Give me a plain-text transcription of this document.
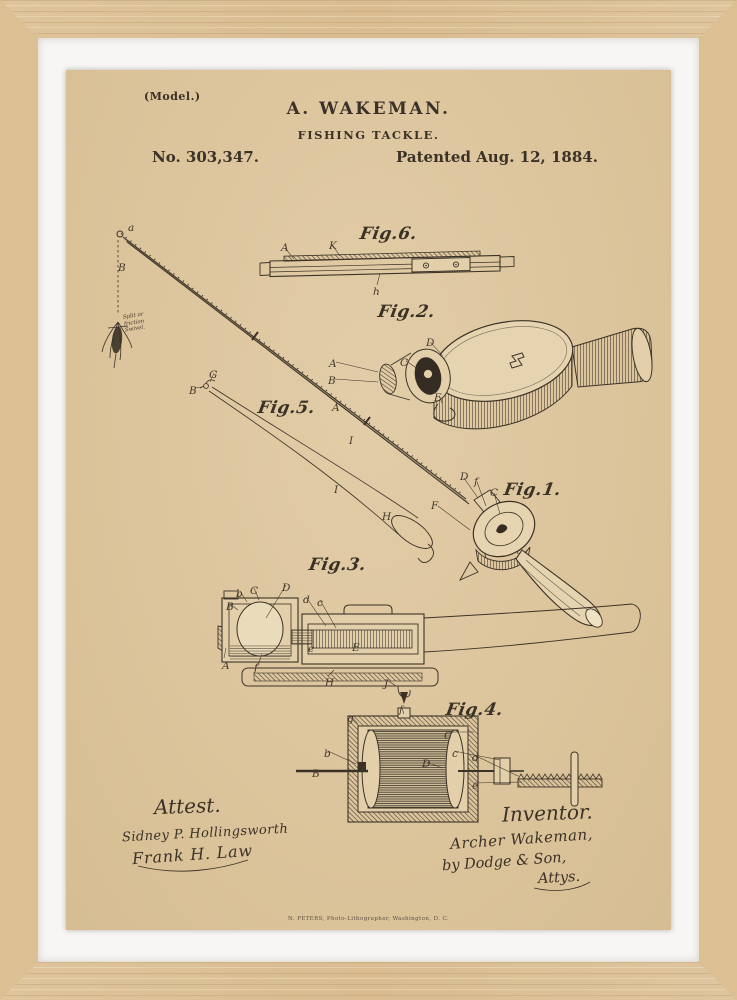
(Model.)
A. WAKEMAN.
FISHING TACKLE.
No. 303,347.	Patented Aug. 12, 1884.
Split or
friction
Swivel.
Attest.
Sidney P. Hollingsworth
Frank H. Law
Inventor.
Archer Wakeman,
by Dodge & Son,
Attys.
N. PETERS, Photo-Lithographer, Washington, D. C.
Fig.6.
Fig.2.
Fig.5.
Fig.1.
Fig.3.
Fig.4.
A	K
h
a
B
D
C
A
B
E
A
G
B
I
I
H
D f
C
F
b C D
B
d c
e	E
A f
H	J
g
f
C
b
B
D
c d
e
